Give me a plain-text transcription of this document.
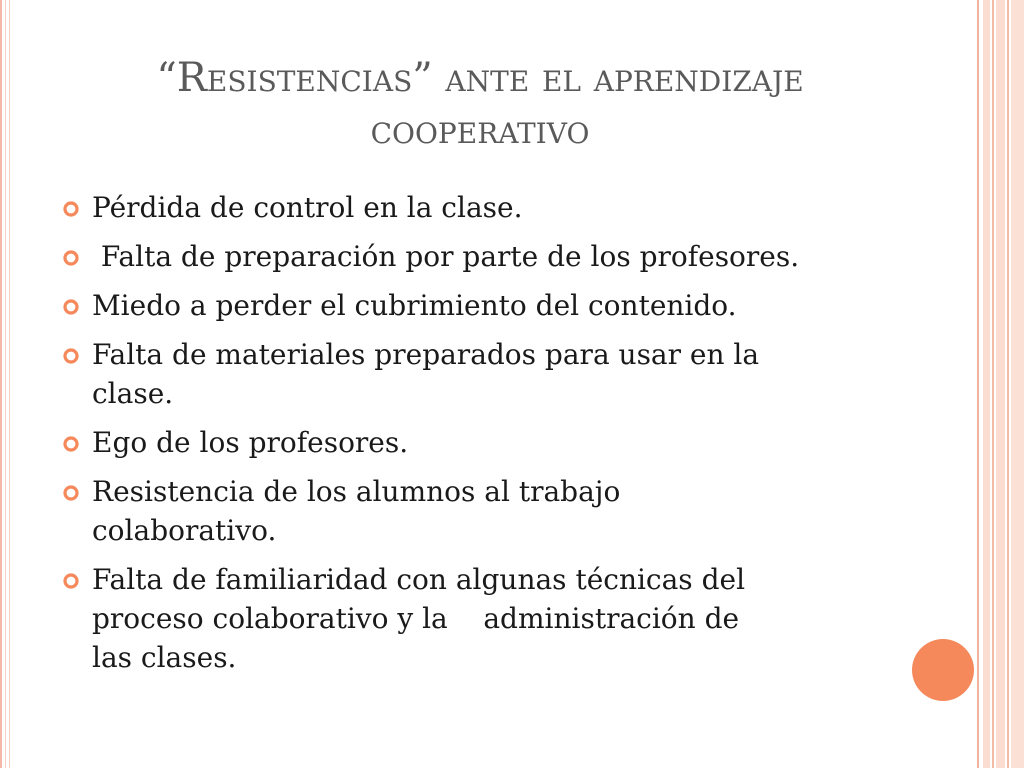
“Resistencias” ante el aprendizaje
cooperativo
Pérdida de control en la clase.
Falta de preparación por parte de los profesores.
Miedo a perder el cubrimiento del contenido.
Falta de materiales preparados para usar en la
clase.
Ego de los profesores.
Resistencia de los alumnos al trabajo
colaborativo.
Falta de familiaridad con algunas técnicas del
proceso colaborativo y la    administración de
las clases.
